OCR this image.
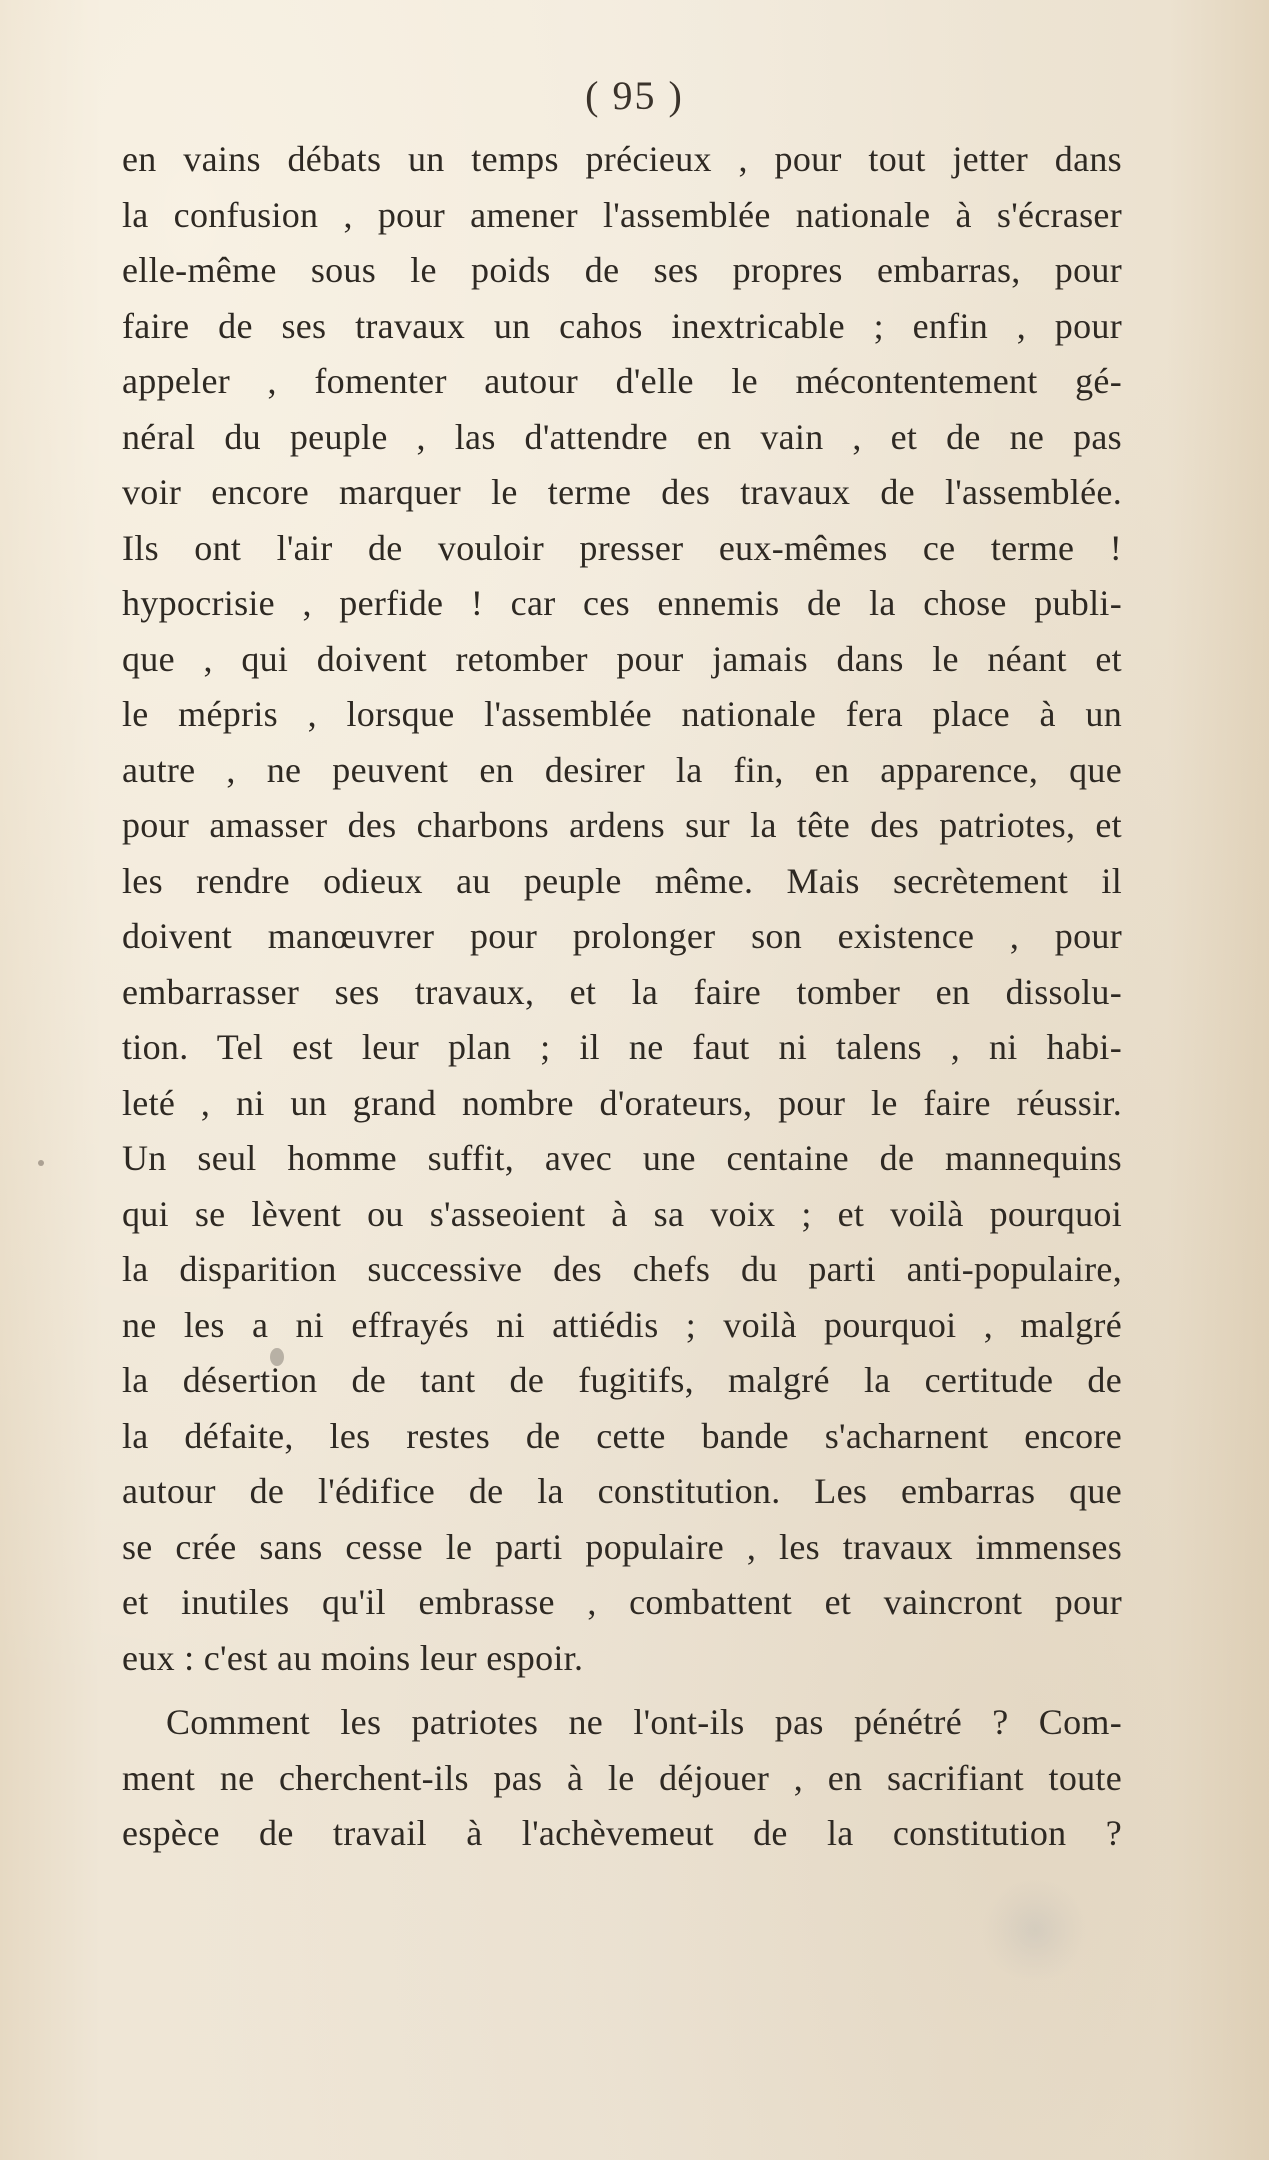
( 95 )
en vains débats un temps précieux , pour tout jetter dans
la confusion , pour amener l'assemblée nationale à s'écraser
elle-même sous le poids de ses propres embarras, pour
faire de ses travaux un cahos inextricable ; enfin , pour
appeler , fomenter autour d'elle le mécontentement gé-
néral du peuple , las d'attendre en vain , et de ne pas
voir encore marquer le terme des travaux de l'assemblée.
Ils ont l'air de vouloir presser eux-mêmes ce terme !
hypocrisie , perfide ! car ces ennemis de la chose publi-
que , qui doivent retomber pour jamais dans le néant et
le mépris , lorsque l'assemblée nationale fera place à un
autre , ne peuvent en desirer la fin, en apparence, que
pour amasser des charbons ardens sur la tête des patriotes, et
les rendre odieux au peuple même. Mais secrètement il
doivent manœuvrer pour prolonger son existence , pour
embarrasser ses travaux, et la faire tomber en dissolu-
tion. Tel est leur plan ; il ne faut ni talens , ni habi-
leté , ni un grand nombre d'orateurs, pour le faire réussir.
Un seul homme suffit, avec une centaine de mannequins
qui se lèvent ou s'asseoient à sa voix ; et voilà pourquoi
la disparition successive des chefs du parti anti-populaire,
ne les a ni effrayés ni attiédis ; voilà pourquoi , malgré
la désertion de tant de fugitifs, malgré la certitude de
la défaite, les restes de cette bande s'acharnent encore
autour de l'édifice de la constitution. Les embarras que
se crée sans cesse le parti populaire , les travaux immenses
et inutiles qu'il embrasse , combattent et vaincront pour
eux : c'est au moins leur espoir.
Comment les patriotes ne l'ont-ils pas pénétré ? Com-
ment ne cherchent-ils pas à le déjouer , en sacrifiant toute
espèce de travail à l'achèvemeut de la constitution ?
